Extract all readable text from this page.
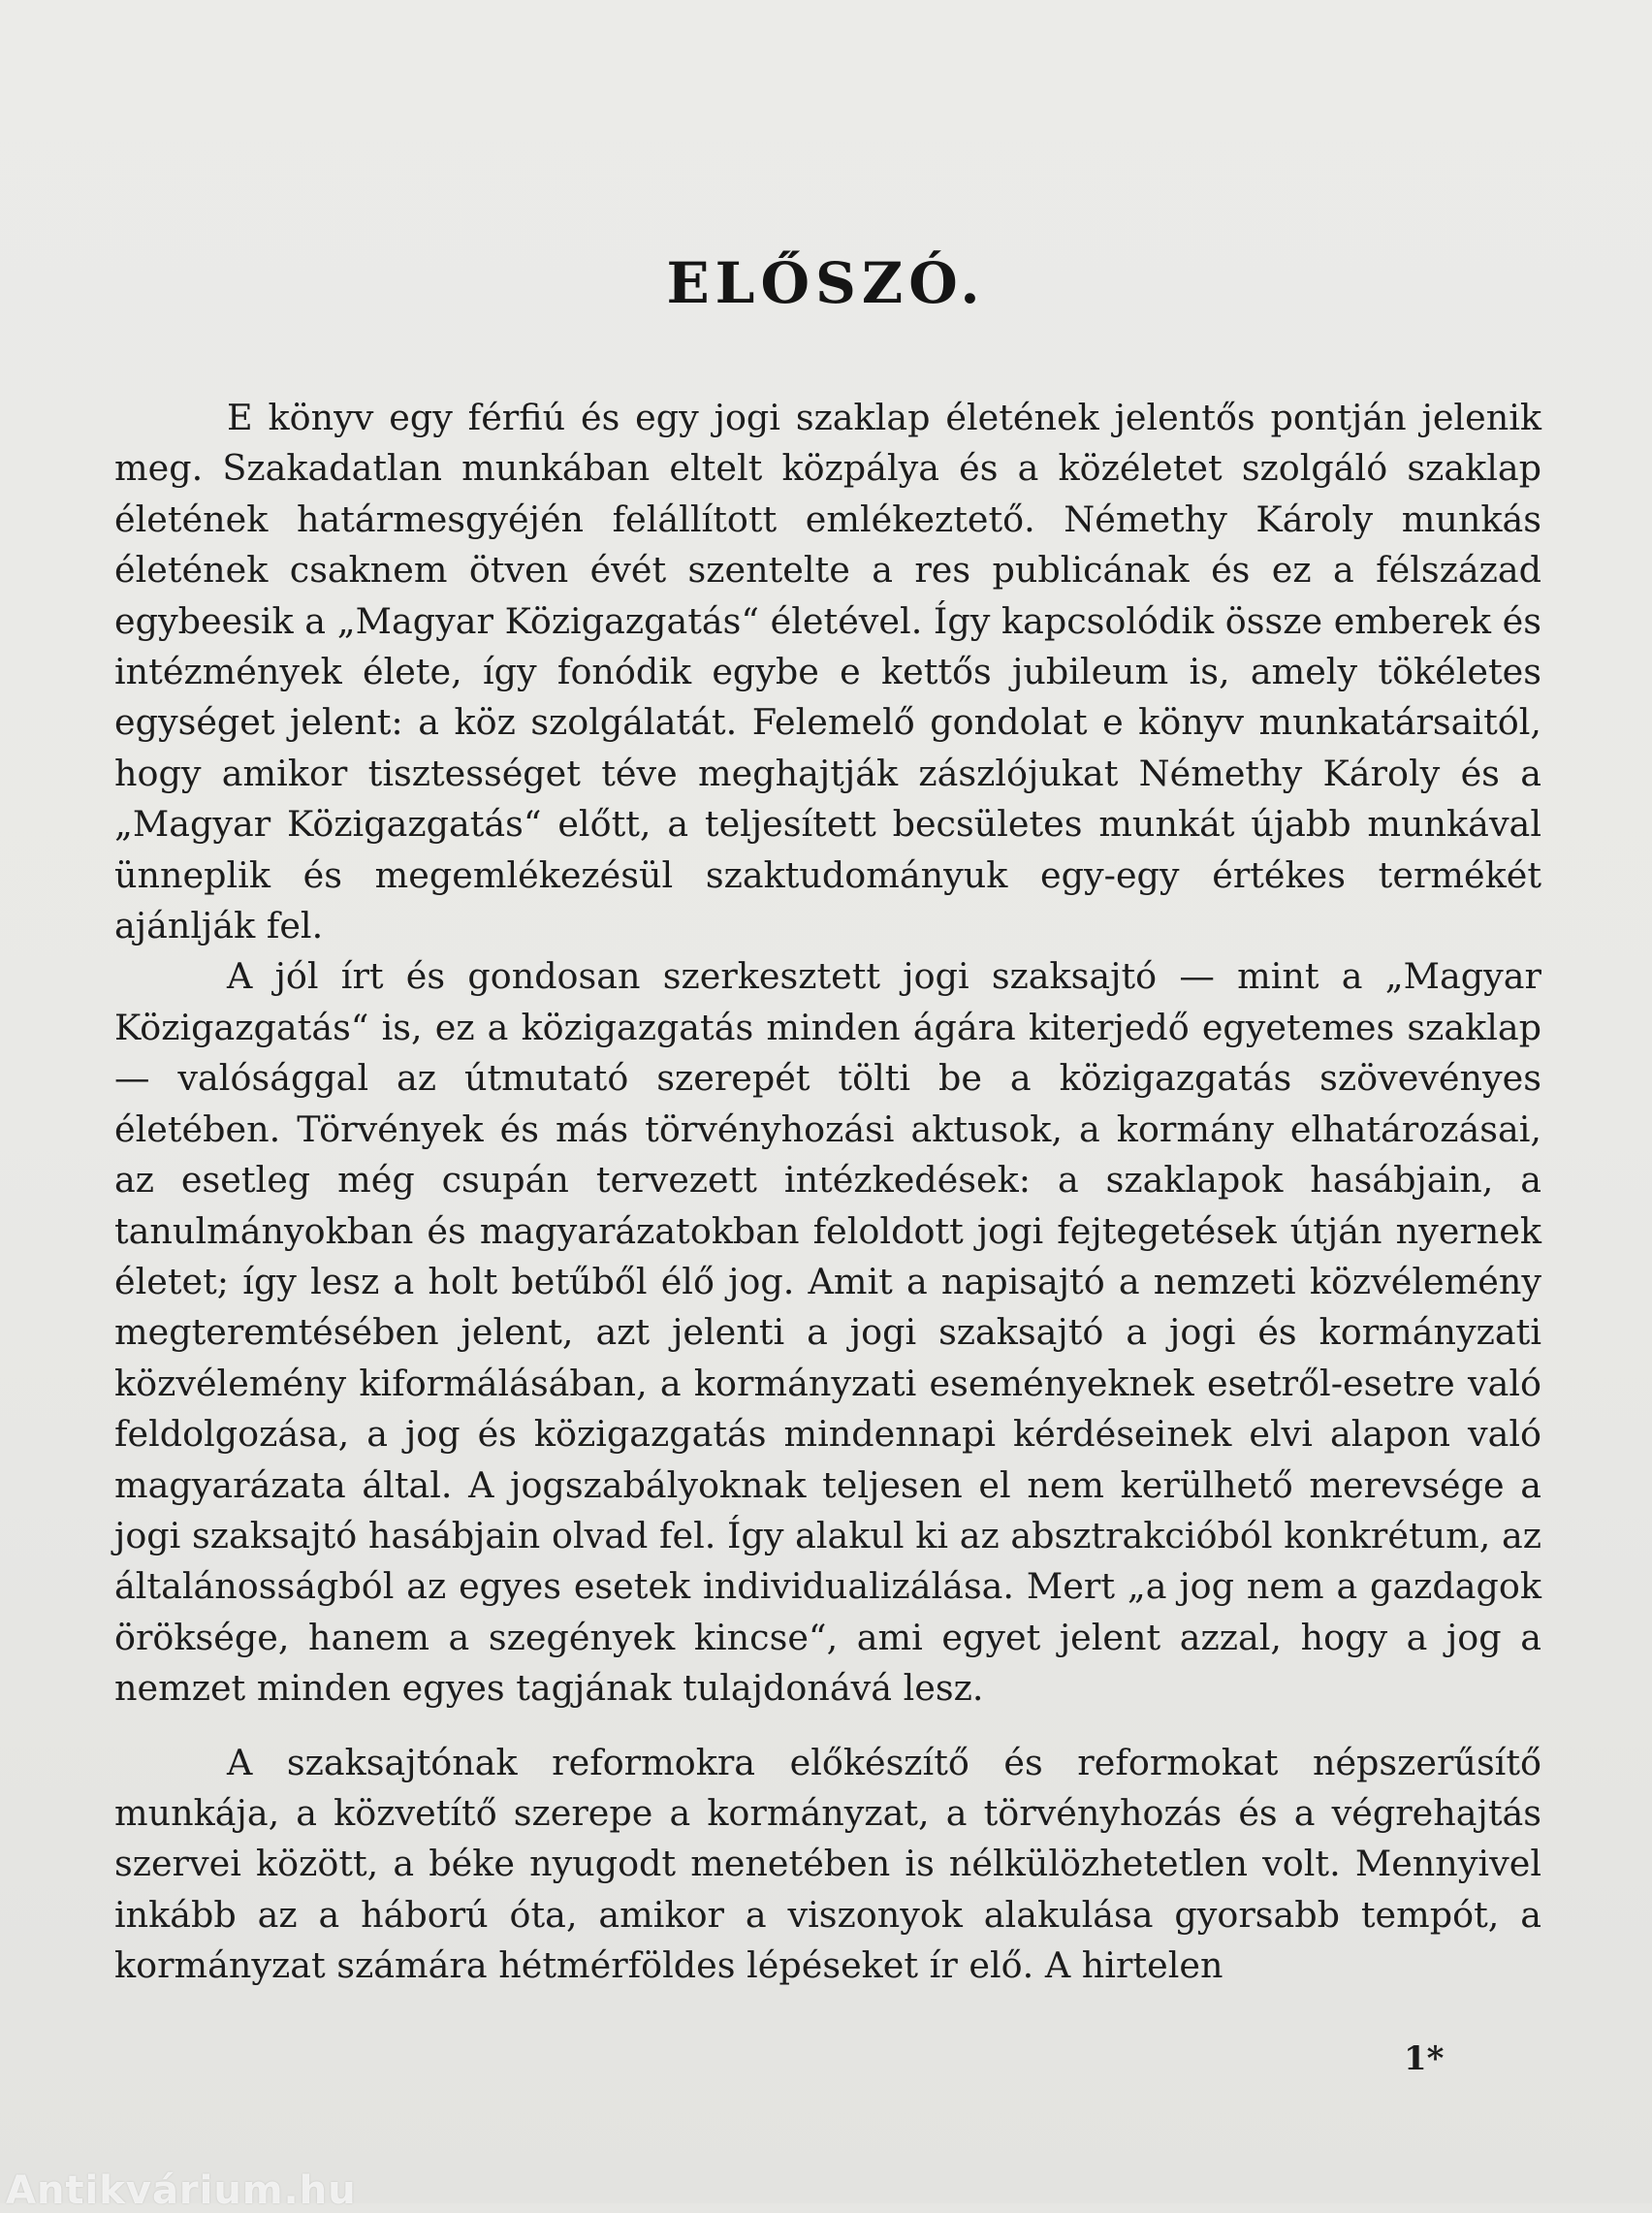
ELŐSZÓ.

E könyv egy férfiú és egy jogi szaklap életének jelentős pontján jelenik meg. Szakadatlan munkában eltelt közpálya és a közéletet szolgáló szaklap életének határmesgyéjén felállított emlékeztető. Némethy Károly munkás életének csaknem ötven évét szentelte a res publicának és ez a félszázad egybeesik a „Magyar Közigazgatás“ életével. Így kapcsolódik össze emberek és intézmények élete, így fonódik egybe e kettős jubileum is, amely tökéletes egységet jelent: a köz szolgálatát. Felemelő gondolat e könyv munkatársaitól, hogy amikor tisztességet téve meghajtják zászlójukat Némethy Károly és a „Magyar Közigazgatás“ előtt, a teljesített becsületes munkát újabb munkával ünneplik és megemlékezésül szaktudományuk egy-egy értékes termékét ajánlják fel.

A jól írt és gondosan szerkesztett jogi szaksajtó — mint a „Magyar Közigazgatás“ is, ez a közigazgatás minden ágára kiterjedő egyetemes szaklap — valósággal az útmutató szerepét tölti be a közigazgatás szövevényes életében. Törvények és más törvényhozási aktusok, a kormány elhatározásai, az esetleg még csupán tervezett intézkedések: a szaklapok hasábjain, a tanulmányokban és magyarázatokban feloldott jogi fejtegetések útján nyernek életet; így lesz a holt betűből élő jog. Amit a napisajtó a nemzeti közvélemény megteremtésében jelent, azt jelenti a jogi szaksajtó a jogi és kormányzati közvélemény kiformálásában, a kormányzati eseményeknek esetről-esetre való feldolgozása, a jog és közigazgatás mindennapi kérdéseinek elvi alapon való magyarázata által. A jogszabályoknak teljesen el nem kerülhető merevsége a jogi szaksajtó hasábjain olvad fel. Így alakul ki az absztrakcióból konkrétum, az általánosságból az egyes esetek individualizálása. Mert „a jog nem a gazdagok öröksége, hanem a szegények kincse“, ami egyet jelent azzal, hogy a jog a nemzet minden egyes tagjának tulajdonává lesz.

A szaksajtónak reformokra előkészítő és reformokat népszerűsítő munkája, a közvetítő szerepe a kormányzat, a törvényhozás és a végrehajtás szervei között, a béke nyugodt menetében is nélkülözhetetlen volt. Mennyivel inkább az a háború óta, amikor a viszonyok alakulása gyorsabb tempót, a kormányzat számára hétmérföldes lépéseket ír elő. A hirtelen

1*
Antikvárium.hu
